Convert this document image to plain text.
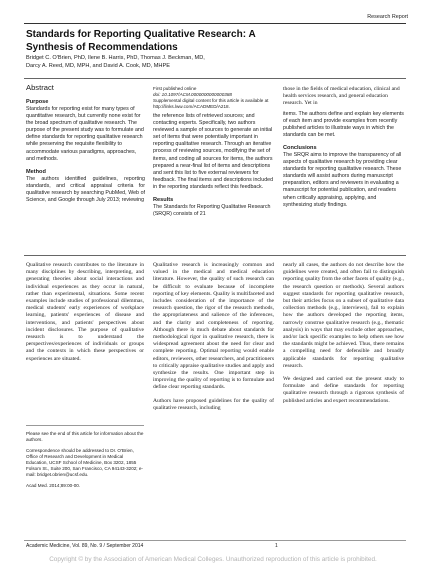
Research Report
Standards for Reporting Qualitative Research: A
Synthesis of Recommendations
Bridget C. O'Brien, PhD, Ilene B. Harris, PhD, Thomas J. Beckman, MD,
Darcy A. Reed, MD, MPH, and David A. Cook, MD, MHPE
Abstract
Purpose

Standards for reporting exist for many types of quantitative research, but currently none exist for the broad spectrum of qualitative research. The purpose of the present study was to formulate and define standards for reporting qualitative research while preserving the requisite flexibility to accommodate various paradigms, approaches, and methods.

Method

The authors identified guidelines, reporting standards, and critical appraisal criteria for qualitative research by searching PubMed, Web of Science, and Google through July 2013; reviewing

First published online
doi: 10.1097/ACM.0000000000000388
Supplemental digital content for this article is available at http://links.lww.com/ACADMED/A218.

the reference lists of retrieved sources; and contacting experts. Specifically, two authors reviewed a sample of sources to generate an initial set of items that were potentially important in reporting qualitative research. Through an iterative process of reviewing sources, modifying the set of items, and coding all sources for items, the authors prepared a near-final list of items and descriptions and sent this list to five external reviewers for feedback. The final items and descriptions included in the reporting standards reflect this feedback.

Results

The Standards for Reporting Qualitative Research (SRQR) consists of 21

those in the fields of medical education, clinical and health services research, and general education research. Yet in

items. The authors define and explain key elements of each item and provide examples from recently published articles to illustrate ways in which the standards can be met.

Conclusions

The SRQR aims to improve the transparency of all aspects of qualitative research by providing clear standards for reporting qualitative research. These standards will assist authors during manuscript preparation, editors and reviewers in evaluating a manuscript for potential publication, and readers when critically appraising, applying, and synthesizing study findings.

Qualitative research contributes to the literature in many disciplines by describing, interpreting, and generating theories about social interactions and individual experiences as they occur in natural, rather than experimental, situations. Some recent examples include studies of professional dilemmas, medical students' early experiences of workplace learning, patients' experiences of disease and interventions, and patients' perspectives about incident disclosures. The purpose of qualitative research is to understand the perspectives/experiences of individuals or groups and the contexts in which these perspectives or experiences are situated.

Please see the end of this article for information about the authors.

Correspondence should be addressed to Dr. O'Brien, Office of Research and Development in Medical Education, UCSF School of Medicine, Box 3202, 1855 Folsom St., Suite 200, San Francisco, CA 94143-3202; e-mail: bridget.obrien@ucsf.edu.

Acad Med. 2014;89:00-00.

Qualitative research is increasingly common and valued in the medical and medical education literature. However, the quality of such research can be difficult to evaluate because of incomplete reporting of key elements. Quality is multifaceted and includes consideration of the importance of the research question, the rigor of the research methods, the appropriateness and salience of the inferences, and the clarity and completeness of reporting. Although there is much debate about standards for methodological rigor in qualitative research, there is widespread agreement about the need for clear and complete reporting. Optimal reporting would enable editors, reviewers, other researchers, and practitioners to critically appraise qualitative studies and apply and synthesize the results. One important step in improving the quality of reporting is to formulate and define clear reporting standards.

Authors have proposed guidelines for the quality of qualitative research, including

nearly all cases, the authors do not describe how the guidelines were created, and often fail to distinguish reporting quality from the other facets of quality (e.g., the research question or methods). Several authors suggest standards for reporting qualitative research, but their articles focus on a subset of qualitative data collection methods (e.g., interviews), fail to explain how the authors developed the reporting items, narrowly construe qualitative research (e.g., thematic analysis) in ways that may exclude other approaches, and/or lack specific examples to help others see how the standards might be achieved. Thus, there remains a compelling need for defensible and broadly applicable standards for reporting qualitative research.

We designed and carried out the present study to formulate and define standards for reporting qualitative research through a rigorous synthesis of published articles and expert recommendations.

Academic Medicine, Vol. 89, No. 9 / September 2014	1
Copyright © by the Association of American Medical Colleges. Unauthorized reproduction of this article is prohibited.
